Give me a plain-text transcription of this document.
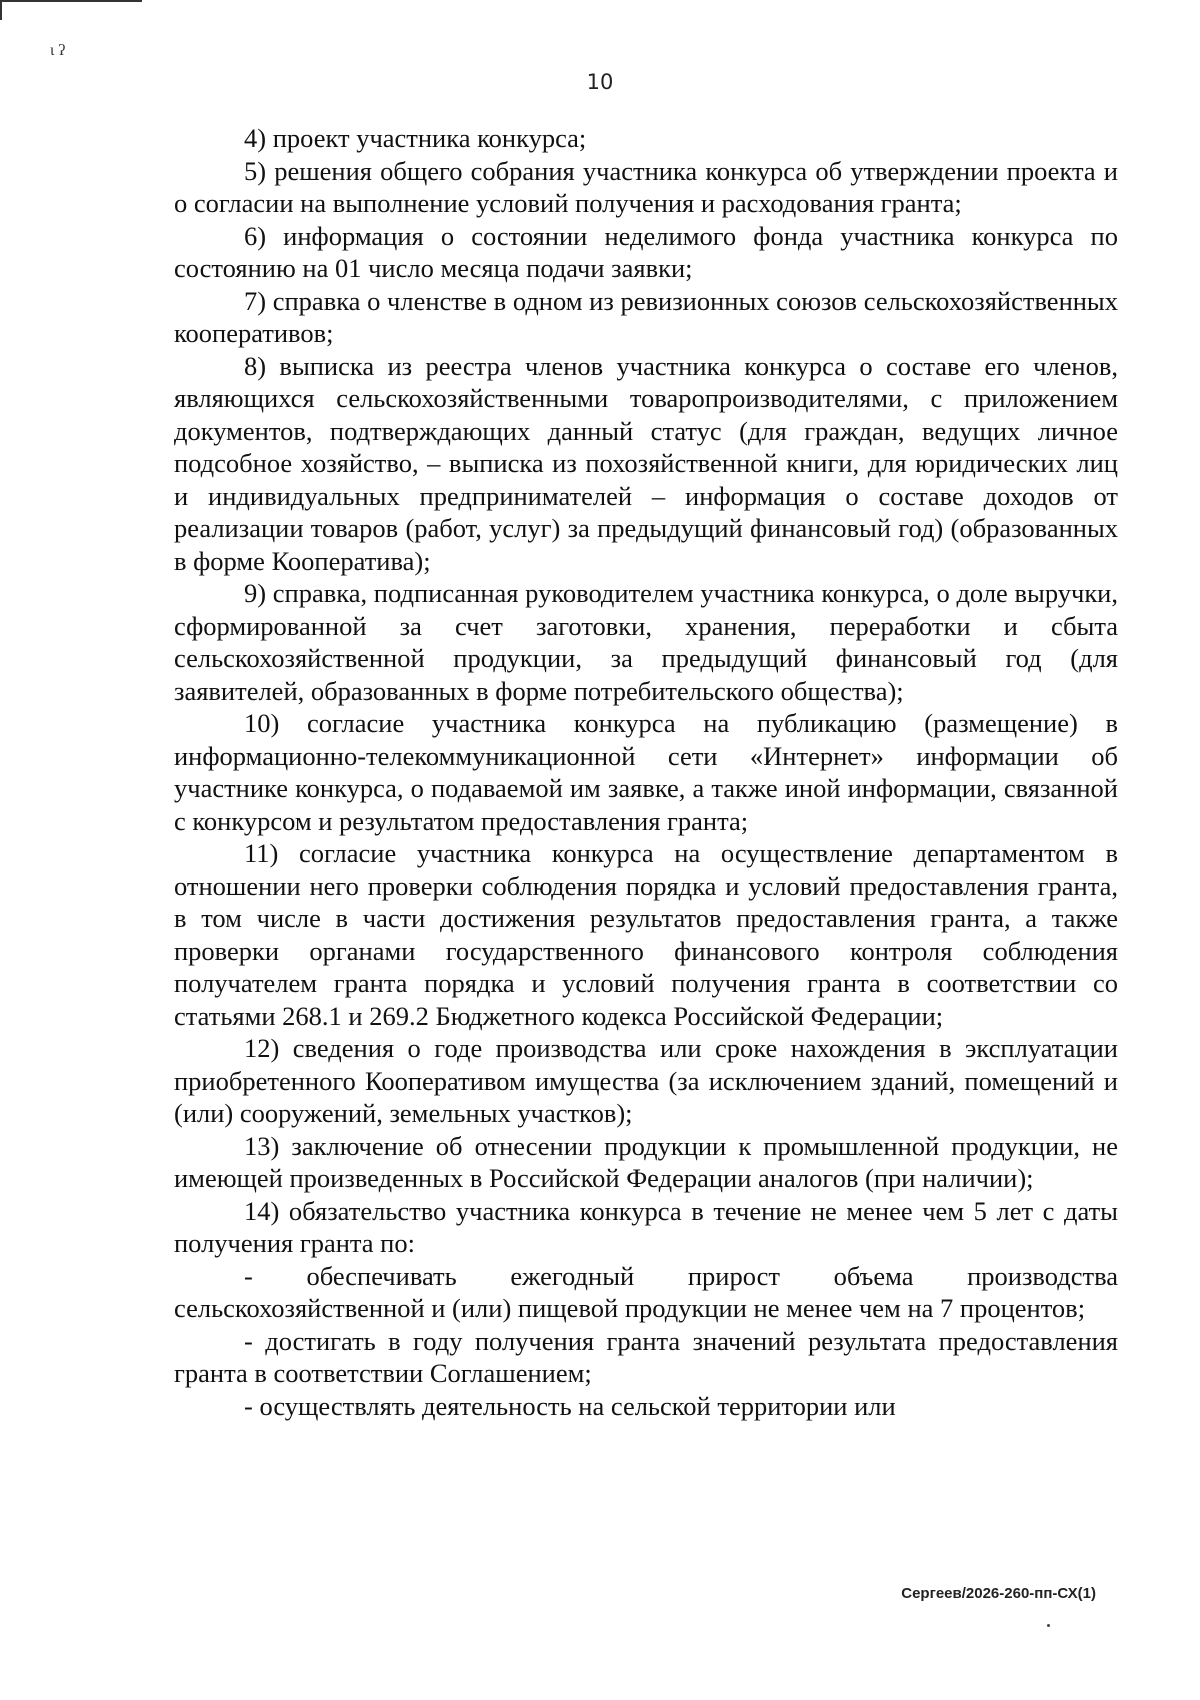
ɩ ʔ
10

4) проект участника конкурса;

5) решения общего собрания участника конкурса об утверждении проекта и о согласии на выполнение условий получения и расходования гранта;

6) информация о состоянии неделимого фонда участника конкурса по состоянию на 01 число месяца подачи заявки;

7) справка о членстве в одном из ревизионных союзов сельскохозяйственных кооперативов;

8) выписка из реестра членов участника конкурса о составе его членов, являющихся сельскохозяйственными товаропроизводителями, с приложением документов, подтверждающих данный статус (для граждан, ведущих личное подсобное хозяйство, – выписка из похозяйственной книги, для юридических лиц и индивидуальных предпринимателей – информация о составе доходов от реализации товаров (работ, услуг) за предыдущий финансовый год) (образованных в форме Кооператива);

9) справка, подписанная руководителем участника конкурса, о доле выручки, сформированной за счет заготовки, хранения, переработки и сбыта сельскохозяйственной продукции, за предыдущий финансовый год (для заявителей, образованных в форме потребительского общества);

10) согласие участника конкурса на публикацию (размещение) в информационно-телекоммуникационной сети «Интернет» информации об участнике конкурса, о подаваемой им заявке, а также иной информации, связанной с конкурсом и результатом предоставления гранта;

11) согласие участника конкурса на осуществление департаментом в отношении него проверки соблюдения порядка и условий предоставления гранта, в том числе в части достижения результатов предоставления гранта, а также проверки органами государственного финансового контроля соблюдения получателем гранта порядка и условий получения гранта в соответствии со статьями 268.1 и 269.2 Бюджетного кодекса Российской Федерации;

12) сведения о годе производства или сроке нахождения в эксплуатации приобретенного Кооперативом имущества (за исключением зданий, помещений и (или) сооружений, земельных участков);

13) заключение об отнесении продукции к промышленной продукции, не имеющей произведенных в Российской Федерации аналогов (при наличии);

14) обязательство участника конкурса в течение не менее чем 5 лет с даты получения гранта по:

- обеспечивать ежегодный прирост объема производства сельскохозяйственной и (или) пищевой продукции не менее чем на 7 процентов;

- достигать в году получения гранта значений результата предоставления гранта в соответствии Соглашением;

- осуществлять деятельность на сельской территории или

Сергеев/2026-260-пп-СХ(1)
